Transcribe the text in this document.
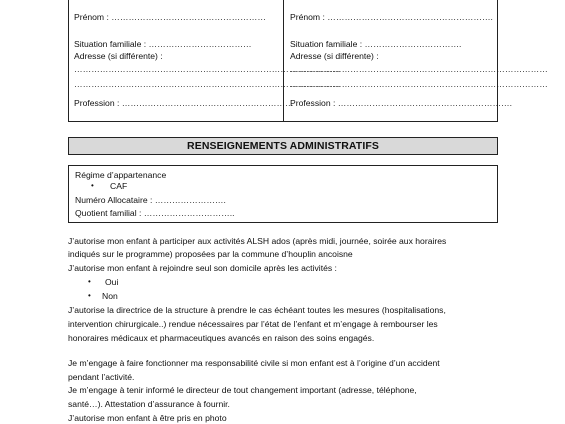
Prénom : ………………………………………………
Situation familiale : ………………………………
Adresse (si différente) :
…………………………………………………………………………………
…………………………………………………………………………………
Profession : ……………………………………………………
Prénom : ………………………………………………….
Situation familiale : …………………………….
Adresse (si différente) :
………………………………………………………………………………
………………………………………………………………………………
Profession : …………………………………………………….
RENSEIGNEMENTS ADMINISTRATIFS
Régime d’appartenance
• CAF
Numéro Allocataire : …………………….
Quotient familial : …………………………..
J’autorise mon enfant à participer aux activités ALSH ados (après midi, journée, soirée aux horaires
indiqués sur le programme) proposées par la commune d’houplin ancoisne
J’autorise mon enfant à rejoindre seul son domicile après les activités :
• Oui
• Non
J’autorise la directrice de la structure à prendre le cas échéant toutes les mesures (hospitalisations,
intervention chirurgicale..) rendue nécessaires par l’état de l’enfant et m’engage à rembourser les
honoraires médicaux et pharmaceutiques avancés en raison des soins engagés.
Je m’engage à faire fonctionner ma responsabilité civile si mon enfant est à l’origine d’un accident
pendant l’activité.
Je m’engage à tenir informé le directeur de tout changement important (adresse, téléphone,
santé…). Attestation d’assurance à fournir.
J’autorise mon enfant à être pris en photo
